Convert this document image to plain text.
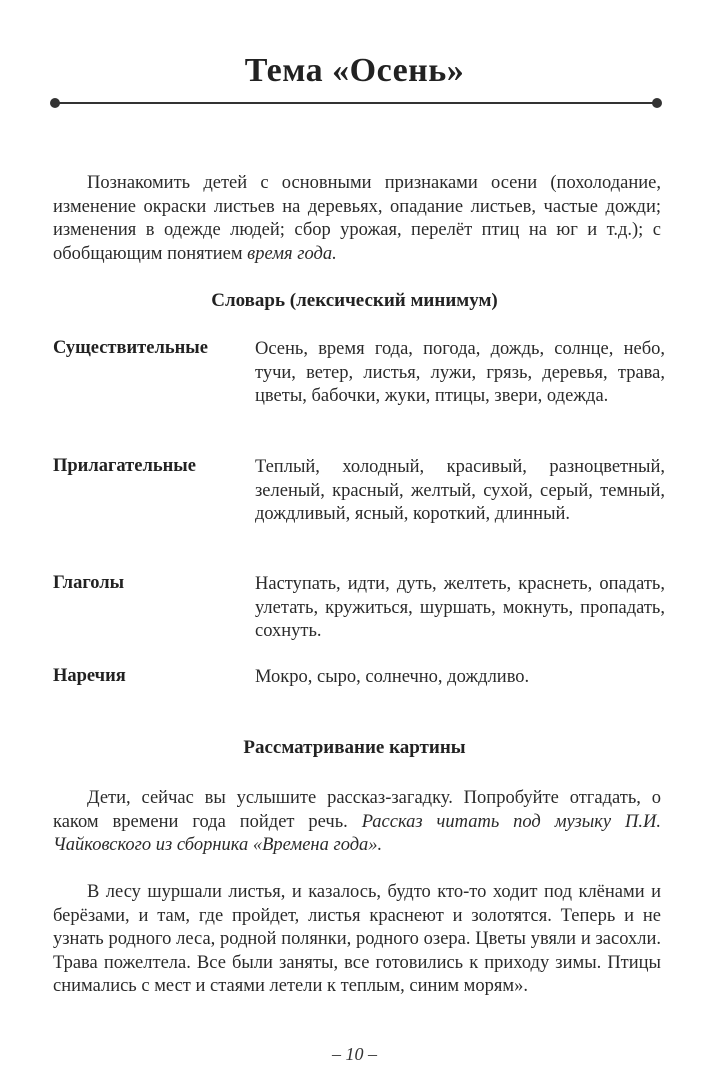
Тема «Осень»
Познакомить детей с основными признаками осени (похолодание, изменение окраски листьев на деревьях, опадание листьев, частые дожди; изменения в одежде людей; сбор урожая, перелёт птиц на юг и т.д.); с обобщающим понятием время года.
Словарь (лексический минимум)
Существительные	Осень, время года, погода, дождь, солнце, небо, тучи, ветер, листья, лужи, грязь, деревья, трава, цветы, бабочки, жуки, птицы, звери, одежда.
Прилагательные	Теплый, холодный, красивый, разноцветный, зеленый, красный, желтый, сухой, серый, темный, дождливый, ясный, короткий, длинный.
Глаголы	Наступать, идти, дуть, желтеть, краснеть, опадать, улетать, кружиться, шуршать, мокнуть, пропадать, сохнуть.
Наречия	Мокро, сыро, солнечно, дождливо.
Рассматривание картины
Дети, сейчас вы услышите рассказ-загадку. Попробуйте отгадать, о каком времени года пойдет речь. Рассказ читать под музыку П.И. Чайковского из сборника «Времена года».
В лесу шуршали листья, и казалось, будто кто-то ходит под клёнами и берёзами, и там, где пройдет, листья краснеют и золотятся. Теперь и не узнать родного леса, родной полянки, родного озера. Цветы увяли и засохли. Трава пожелтела. Все были заняты, все готовились к приходу зимы. Птицы снимались с мест и стаями летели к теплым, синим морям».
– 10 –
